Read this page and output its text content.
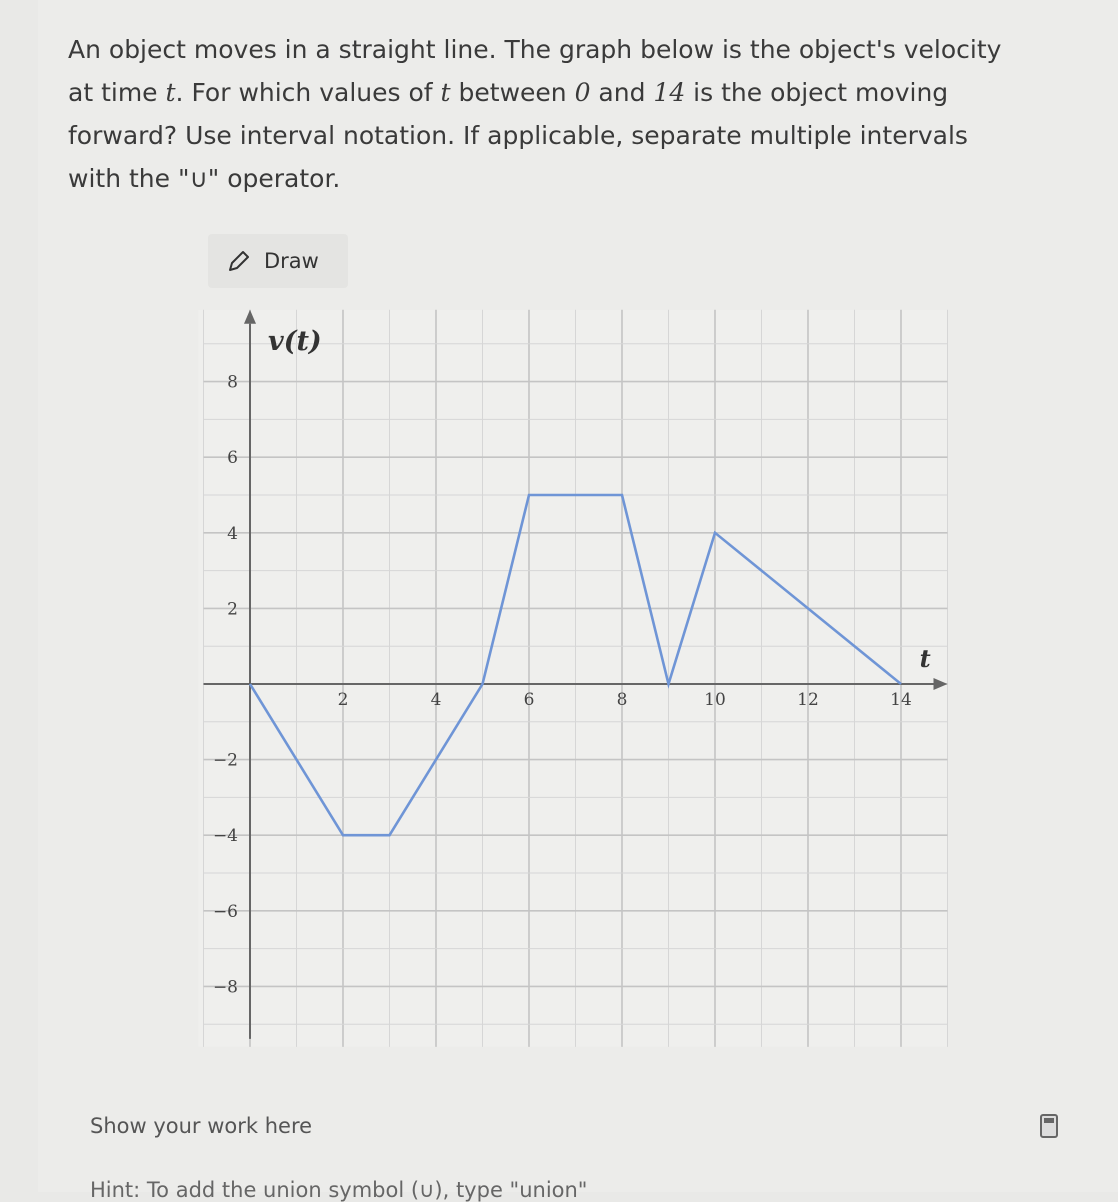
An object moves in a straight line. The graph below is the object's velocity
at time t. For which values of t between 0 and 14 is the object moving
forward? Use interval notation. If applicable, separate multiple intervals
with the "∪" operator.
Draw
2	4	6	8	10	12	14
−8
−6
−4
−2
2
4
6
8
v(t)
t
Show your work here
Hint: To add the union symbol (∪), type "union"
